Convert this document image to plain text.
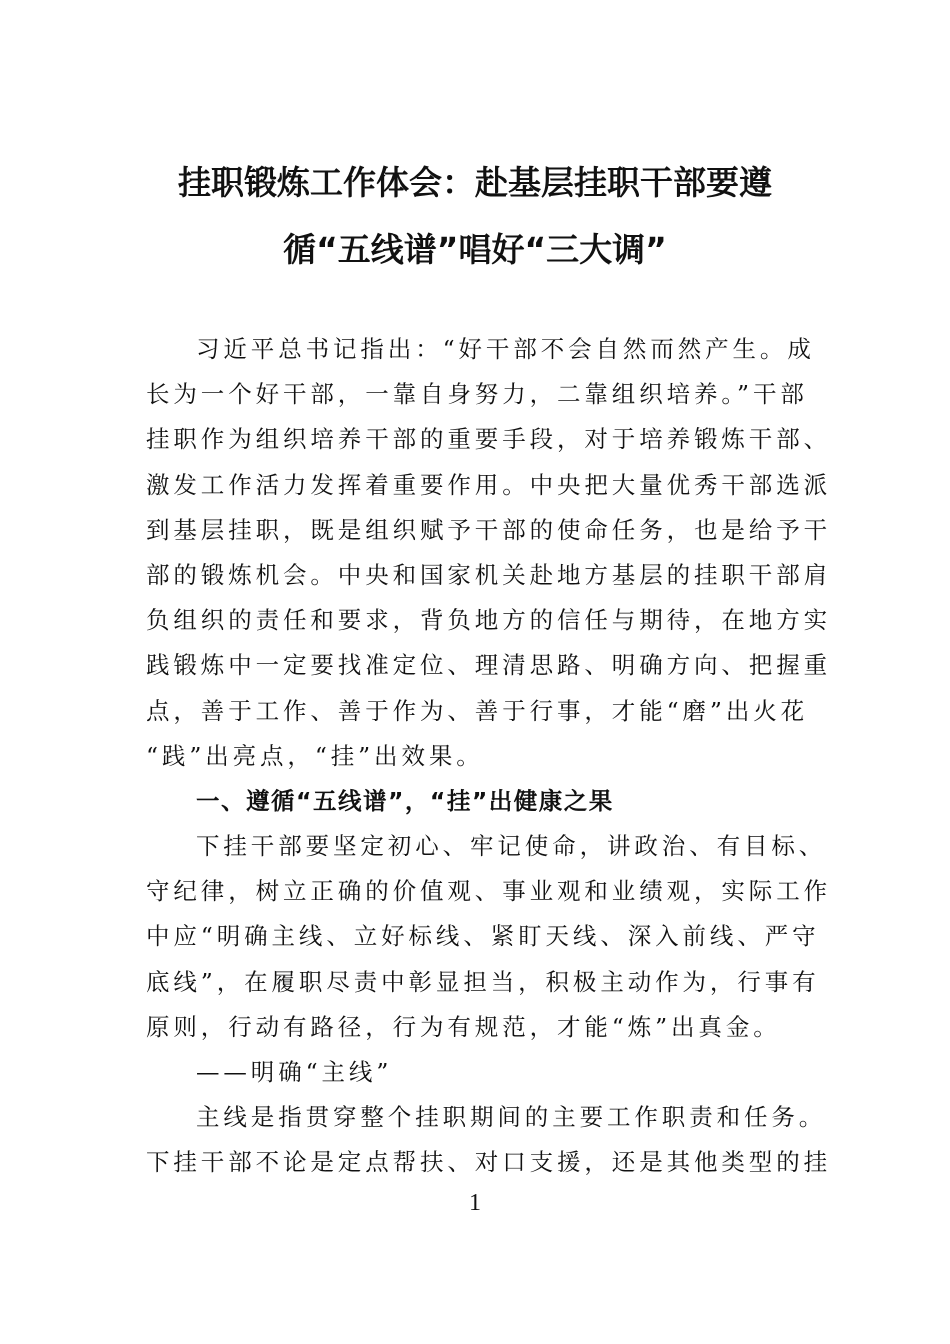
挂职锻炼工作体会：赴基层挂职干部要遵
循“五线谱”唱好“三大调”
习近平总书记指出：“好干部不会自然而然产生。成
长为一个好干部，一靠自身努力，二靠组织培养。”干部
挂职作为组织培养干部的重要手段，对于培养锻炼干部、
激发工作活力发挥着重要作用。中央把大量优秀干部选派
到基层挂职，既是组织赋予干部的使命任务，也是给予干
部的锻炼机会。中央和国家机关赴地方基层的挂职干部肩
负组织的责任和要求，背负地方的信任与期待，在地方实
践锻炼中一定要找准定位、理清思路、明确方向、把握重
点，善于工作、善于作为、善于行事，才能“磨”出火花
“践”出亮点，“挂”出效果。
一、遵循“五线谱”，“挂”出健康之果
下挂干部要坚定初心、牢记使命，讲政治、有目标、
守纪律，树立正确的价值观、事业观和业绩观，实际工作
中应“明确主线、立好标线、紧盯天线、深入前线、严守
底线”，在履职尽责中彰显担当，积极主动作为，行事有
原则，行动有路径，行为有规范，才能“炼”出真金。
——明确“主线”
主线是指贯穿整个挂职期间的主要工作职责和任务。
下挂干部不论是定点帮扶、对口支援，还是其他类型的挂
1
